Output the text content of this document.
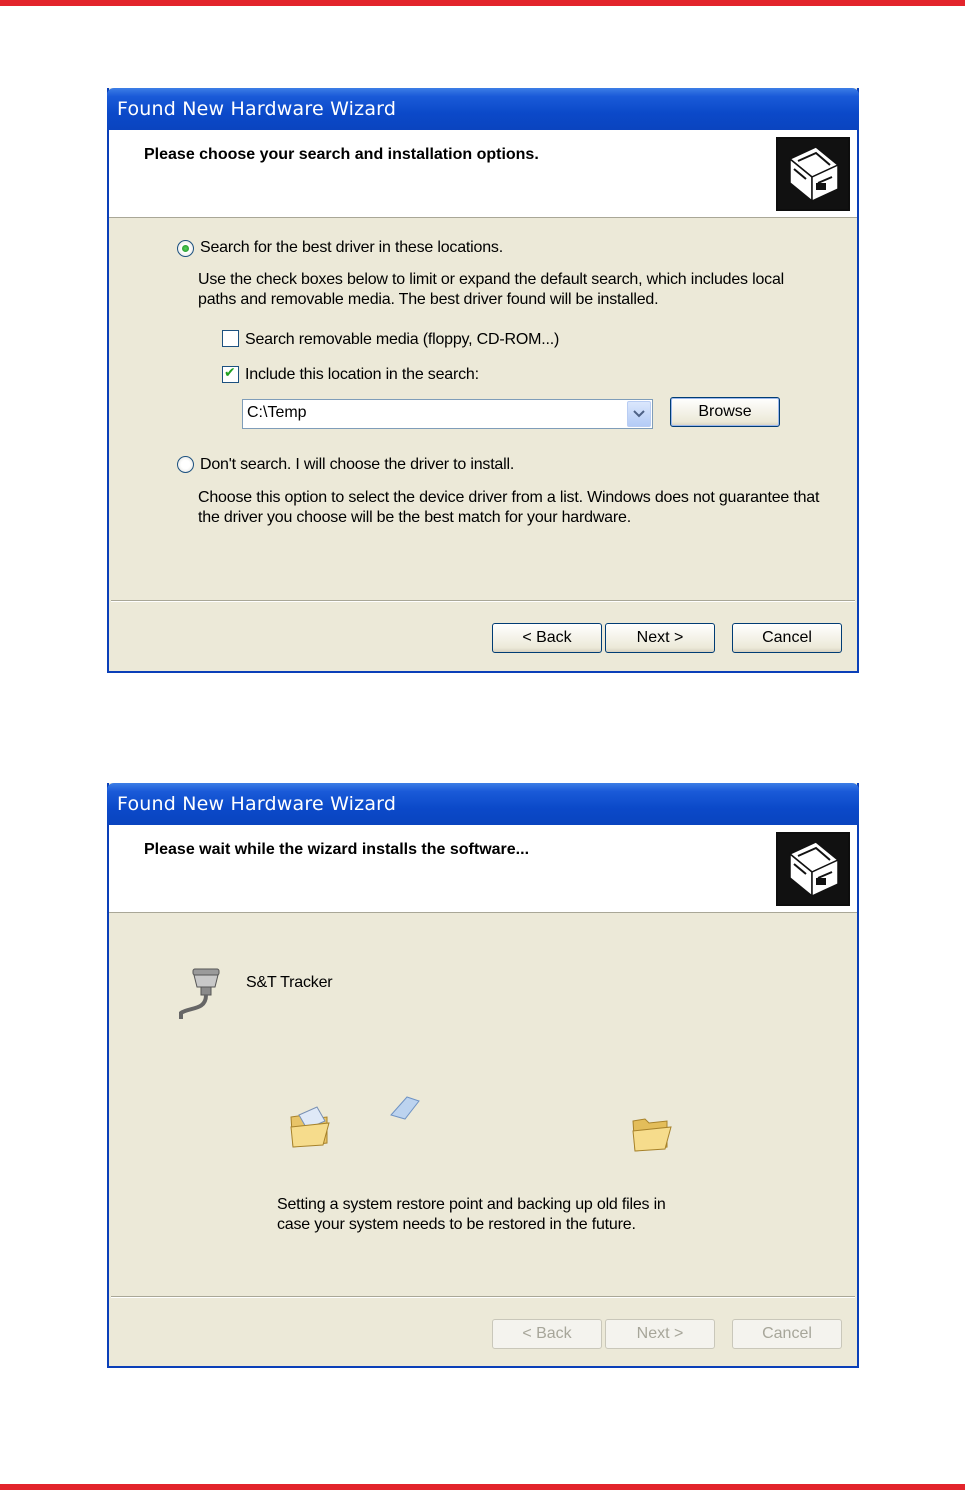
Found New Hardware Wizard
Please choose your search and installation options.
Search for the best driver in these locations.
Use the check boxes below to limit or expand the default search, which includes local
paths and removable media. The best driver found will be installed.
Search removable media (floppy, CD-ROM...)
✔ Include this location in the search:
C:\Temp	Browse
Don't search. I will choose the driver to install.
Choose this option to select the device driver from a list. Windows does not guarantee that
the driver you choose will be the best match for your hardware.
< Back	Next >	Cancel
Found New Hardware Wizard
Please wait while the wizard installs the software...
S&T Tracker
Setting a system restore point and backing up old files in
case your system needs to be restored in the future.
< Back	Next >	Cancel
